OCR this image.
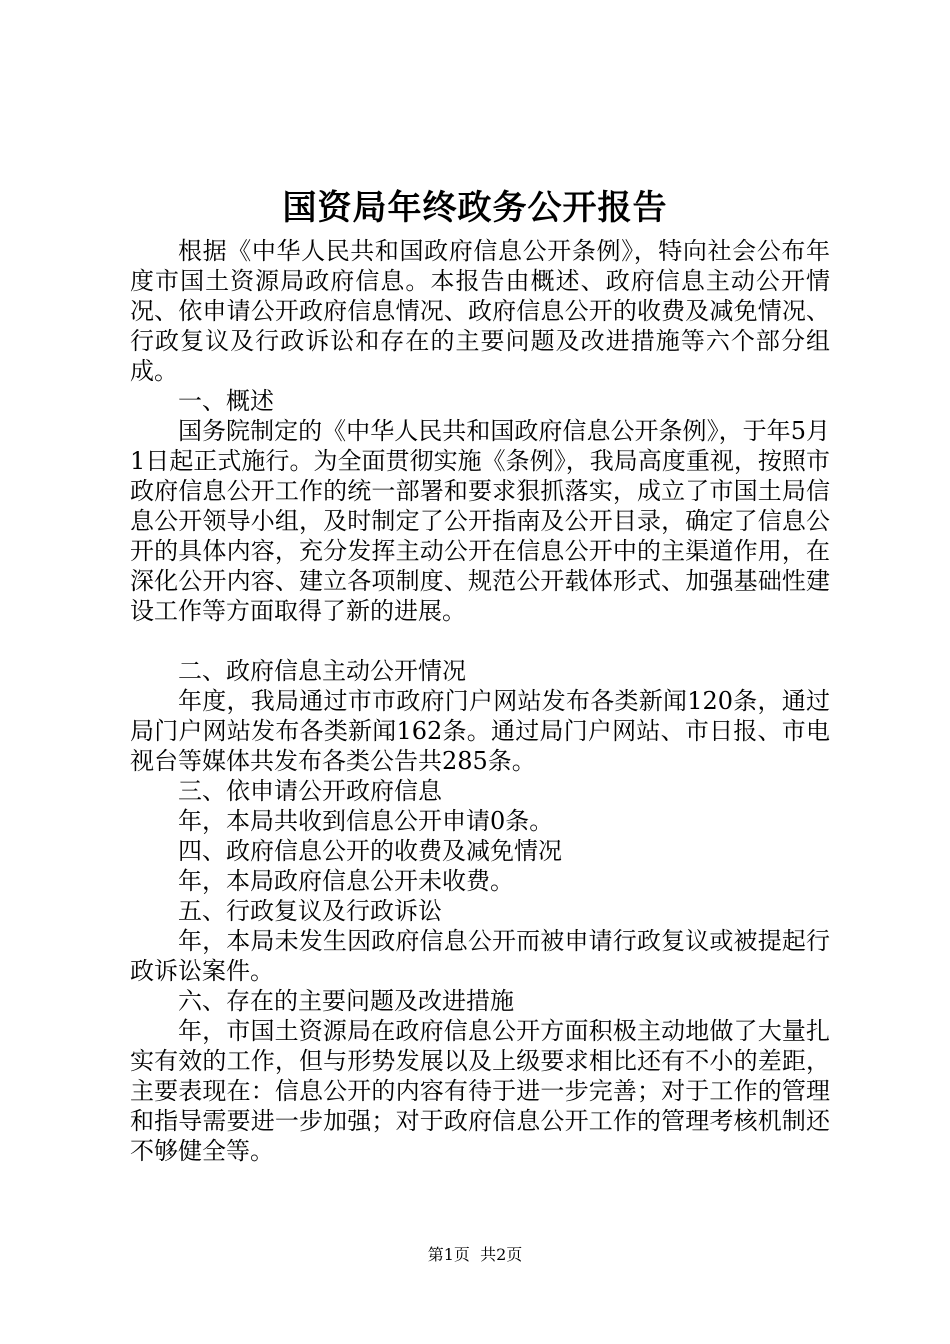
国资局年终政务公开报告

根据《中华人民共和国政府信息公开条例》，特向社会公布年度市国土资源局政府信息。本报告由概述、政府信息主动公开情况、依申请公开政府信息情况、政府信息公开的收费及减免情况、行政复议及行政诉讼和存在的主要问题及改进措施等六个部分组成。

一、概述

国务院制定的《中华人民共和国政府信息公开条例》，于年5月1日起正式施行。为全面贯彻实施《条例》，我局高度重视，按照市政府信息公开工作的统一部署和要求狠抓落实，成立了市国土局信息公开领导小组，及时制定了公开指南及公开目录，确定了信息公开的具体内容，充分发挥主动公开在信息公开中的主渠道作用，在深化公开内容、建立各项制度、规范公开载体形式、加强基础性建设工作等方面取得了新的进展。

二、政府信息主动公开情况

年度，我局通过市市政府门户网站发布各类新闻120条，通过局门户网站发布各类新闻162条。通过局门户网站、市日报、市电视台等媒体共发布各类公告共285条。

三、依申请公开政府信息

年，本局共收到信息公开申请0条。

四、政府信息公开的收费及减免情况

年，本局政府信息公开未收费。

五、行政复议及行政诉讼

年，本局未发生因政府信息公开而被申请行政复议或被提起行政诉讼案件。

六、存在的主要问题及改进措施

年，市国土资源局在政府信息公开方面积极主动地做了大量扎实有效的工作，但与形势发展以及上级要求相比还有不小的差距，主要表现在：信息公开的内容有待于进一步完善；对于工作的管理和指导需要进一步加强；对于政府信息公开工作的管理考核机制还不够健全等。

第1页 共2页
